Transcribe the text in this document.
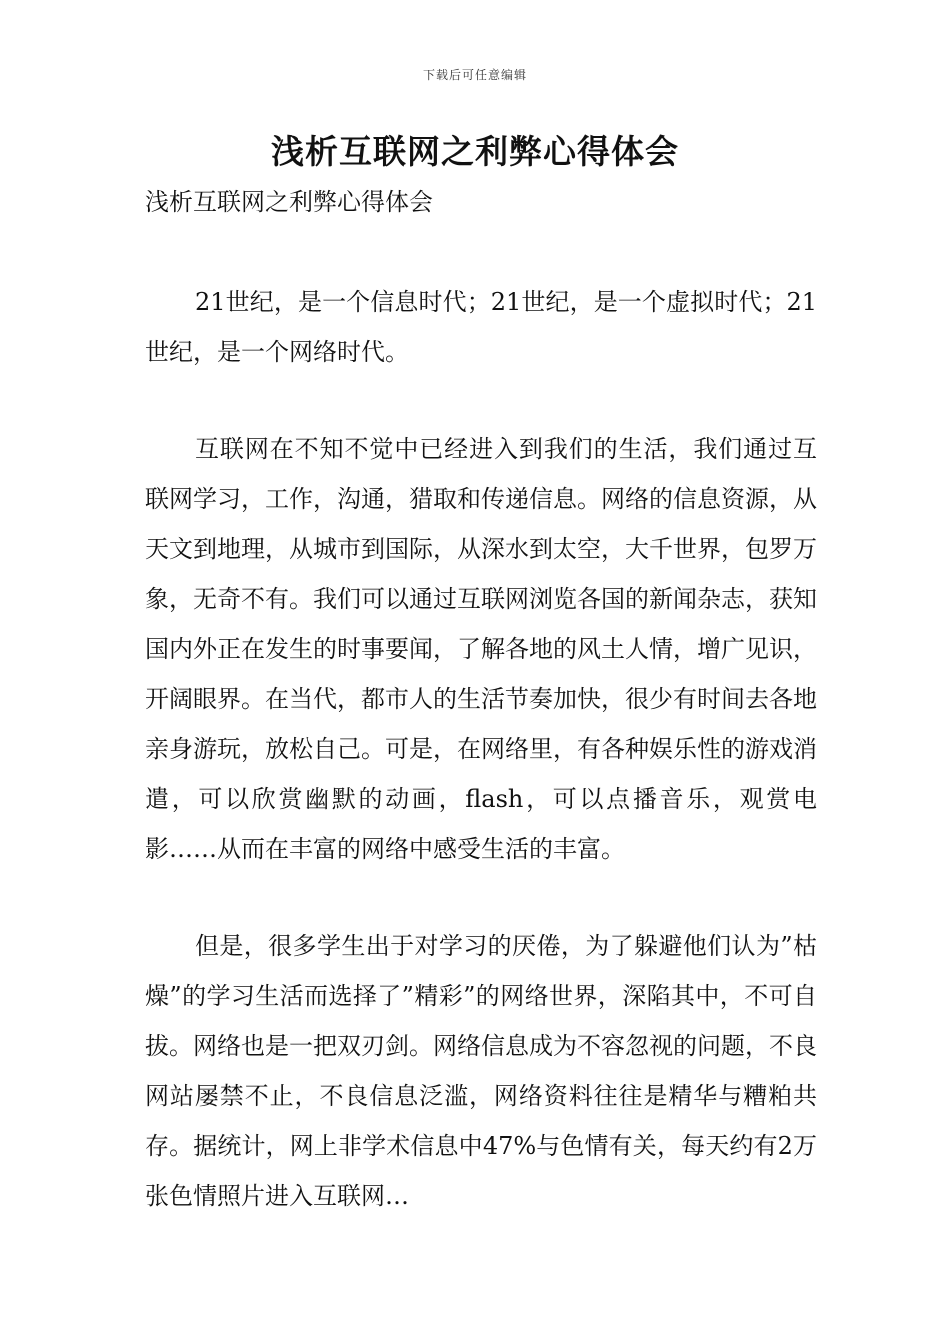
下载后可任意编辑
浅析互联网之利弊心得体会

浅析互联网之利弊心得体会

21世纪，是一个信息时代；21世纪，是一个虚拟时代；21世纪，是一个网络时代。

互联网在不知不觉中已经进入到我们的生活，我们通过互联网学习，工作，沟通，猎取和传递信息。网络的信息资源，从天文到地理，从城市到国际，从深水到太空，大千世界，包罗万象，无奇不有。我们可以通过互联网浏览各国的新闻杂志，获知国内外正在发生的时事要闻，了解各地的风土人情，增广见识，开阔眼界。在当代，都市人的生活节奏加快，很少有时间去各地亲身游玩，放松自己。可是，在网络里，有各种娱乐性的游戏消遣，可以欣赏幽默的动画，flash，可以点播音乐，观赏电影……从而在丰富的网络中感受生活的丰富。

但是，很多学生出于对学习的厌倦，为了躲避他们认为”枯燥”的学习生活而选择了”精彩”的网络世界，深陷其中，不可自拔。网络也是一把双刃剑。网络信息成为不容忽视的问题，不良网站屡禁不止，不良信息泛滥，网络资料往往是精华与糟粕共存。据统计，网上非学术信息中47%与色情有关，每天约有2万张色情照片进入互联网…
